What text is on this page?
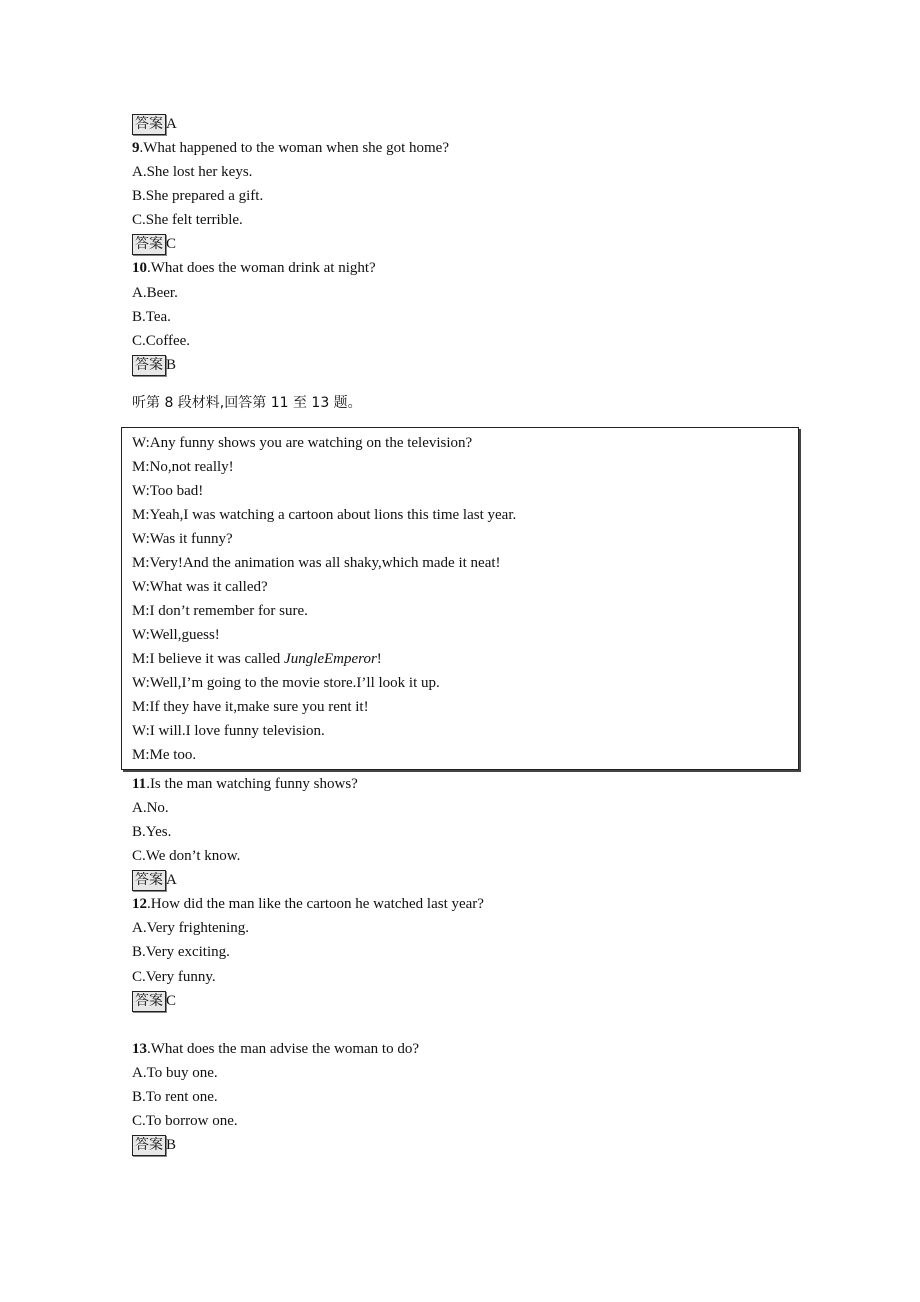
答案 A
9.What happened to the woman when she got home?
A.She lost her keys.
B.She prepared a gift.
C.She felt terrible.
答案 C
10.What does the woman drink at night?
A.Beer.
B.Tea.
C.Coffee.
答案 B
听第 8 段材料,回答第 11 至 13 题。
W:Any funny shows you are watching on the television?
M:No,not really!
W:Too bad!
M:Yeah,I was watching a cartoon about lions this time last year.
W:Was it funny?
M:Very!And the animation was all shaky,which made it neat!
W:What was it called?
M:I don’t remember for sure.
W:Well,guess!
M:I believe it was called JungleEmperor!
W:Well,I’m going to the movie store.I’ll look it up.
M:If they have it,make sure you rent it!
W:I will.I love funny television.
M:Me too.
11.Is the man watching funny shows?
A.No.
B.Yes.
C.We don’t know.
答案 A
12.How did the man like the cartoon he watched last year?
A.Very frightening.
B.Very exciting.
C.Very funny.
答案 C
13.What does the man advise the woman to do?
A.To buy one.
B.To rent one.
C.To borrow one.
答案 B
